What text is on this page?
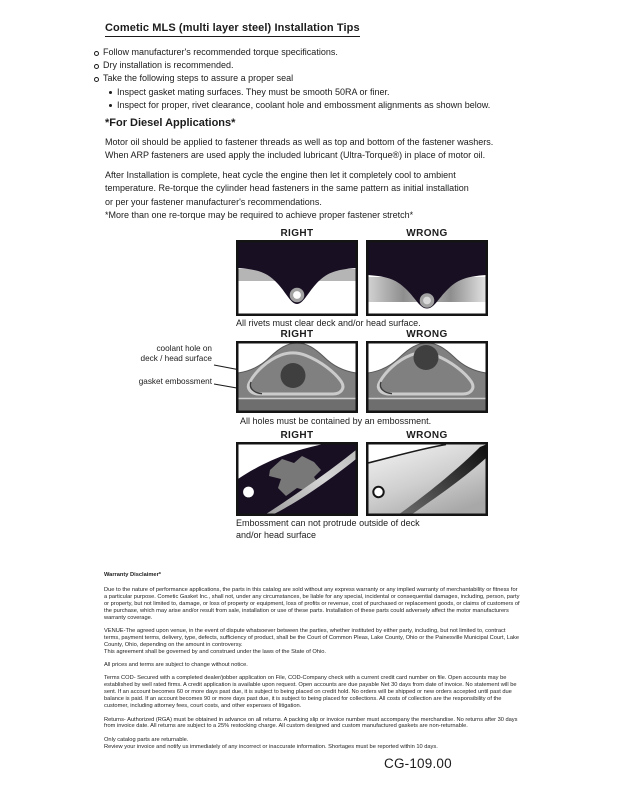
Cometic MLS (multi layer steel) Installation Tips
Follow manufacturer's recommended torque specifications.
Dry installation is recommended.
Take the following steps to assure a proper seal
Inspect gasket mating surfaces. They must be smooth 50RA or finer.
Inspect for proper, rivet clearance, coolant hole and embossment alignments as shown below.
*For Diesel Applications*
Motor oil should be applied to fastener threads as well as top and bottom of the fastener washers.
When ARP fasteners are used apply the included lubricant (Ultra-Torque®) in place of motor oil.
After Installation is complete, heat cycle the engine then let it completely cool to ambient
temperature. Re-torque the cylinder head fasteners in the same pattern as initial installation
or per your fastener manufacturer's recommendations.
*More than one re-torque may be required to achieve proper fastener stretch*
RIGHT	WRONG
All rivets must clear deck and/or head surface.
RIGHT	WRONG
coolant hole on
deck / head surface
gasket embossment
All holes must be contained by an embossment.
RIGHT	WRONG
Embossment can not protrude outside of deck
and/or head surface
Warranty Disclaimer*
Due to the nature of performance applications, the parts in this catalog are sold without any express warranty or any implied warranty of merchantability or fitness for a particular purpose. Cometic Gasket Inc., shall not, under any circumstances, be liable for any special, incidental or consequential damages, including, person, party or property, but not limited to, damage, or loss of property or equipment, loss of profits or revenue, cost of purchased or replacement goods, or claims of customers of the purchase, which may arise and/or result from sale, installation or use of these parts. Installation of these parts could adversely affect the motor manufacturers warranty coverage.
VENUE-The agreed upon venue, in the event of dispute whatsoever between the parties, whether instituted by either party, including, but not limited to, contract terms, payment terms, delivery, type, defects, sufficiency of product, shall be the Court of Common Pleas, Lake County, Ohio or the Painesville Municipal Court, Lake County, Ohio, depending on the amount in controversy.
This agreement shall be governed by and construed under the laws of the State of Ohio.
All prices and terms are subject to change without notice.
Terms COD- Secured with a completed dealer/jobber application on File, COD-Company check with a current credit card number on file. Open accounts may be established by well rated firms. A credit application is available upon request. Open accounts are due payable Net 30 days from date of invoice. No statement will be sent. If an account becomes 60 or more days past due, it is subject to being placed on credit hold. No orders will be shipped or new orders accepted until past due balance is paid. If an account becomes 90 or more days past due, it is subject to being placed for collections. All costs of collection are the responsibility of the customer, including attorney fees, court costs, and other expenses of litigation.
Returns- Authorized (RGA) must be obtained in advance on all returns. A packing slip or invoice number must accompany the merchandise. No returns after 30 days from invoice date. All returns are subject to a 25% restocking charge. All custom designed and custom manufactured gaskets are non-returnable.
Only catalog parts are returnable.
Review your invoice and notify us immediately of any incorrect or inaccurate information. Shortages must be reported within 10 days.
CG-109.00
